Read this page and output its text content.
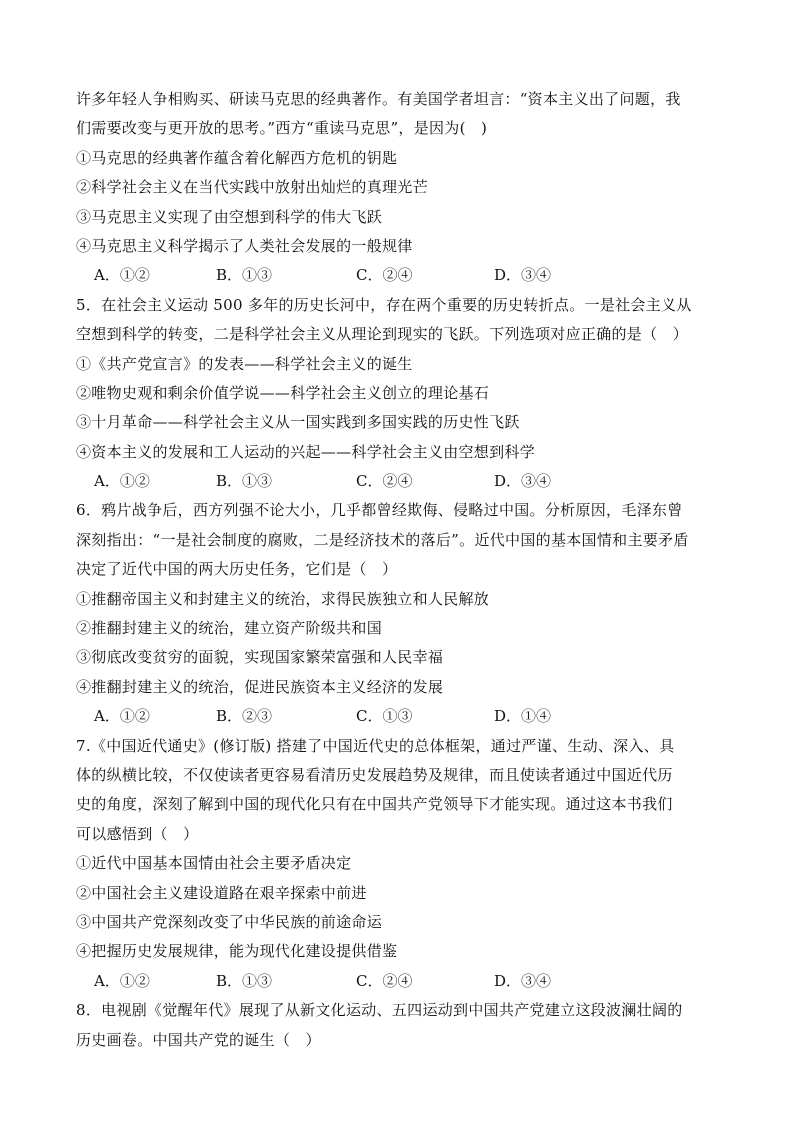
许多年轻人争相购买、研读马克思的经典著作。有美国学者坦言：“资本主义出了问题，我
们需要改变与更开放的思考。”西方“重读马克思”，是因为(　)
①马克思的经典著作蕴含着化解西方危机的钥匙
②科学社会主义在当代实践中放射出灿烂的真理光芒
③马克思主义实现了由空想到科学的伟大飞跃
④马克思主义科学揭示了人类社会发展的一般规律
A．①②	B．①③	C．②④	D．③④
5．在社会主义运动 500 多年的历史长河中，存在两个重要的历史转折点。一是社会主义从
空想到科学的转变，二是科学社会主义从理论到现实的飞跃。下列选项对应正确的是（　）
①《共产党宣言》的发表——科学社会主义的诞生
②唯物史观和剩余价值学说——科学社会主义创立的理论基石
③十月革命——科学社会主义从一国实践到多国实践的历史性飞跃
④资本主义的发展和工人运动的兴起——科学社会主义由空想到科学
A．①②	B．①③	C．②④	D．③④
6．鸦片战争后，西方列强不论大小，几乎都曾经欺侮、侵略过中国。分析原因，毛泽东曾
深刻指出：“一是社会制度的腐败，二是经济技术的落后”。近代中国的基本国情和主要矛盾
决定了近代中国的两大历史任务，它们是（　）
①推翻帝国主义和封建主义的统治，求得民族独立和人民解放
②推翻封建主义的统治，建立资产阶级共和国
③彻底改变贫穷的面貌，实现国家繁荣富强和人民幸福
④推翻封建主义的统治，促进民族资本主义经济的发展
A．①②	B．②③	C．①③	D．①④
7.《中国近代通史》(修订版) 搭建了中国近代史的总体框架，通过严谨、生动、深入、具
体的纵横比较，不仅使读者更容易看清历史发展趋势及规律，而且使读者通过中国近代历
史的角度，深刻了解到中国的现代化只有在中国共产党领导下才能实现。通过这本书我们
可以感悟到（　）
①近代中国基本国情由社会主要矛盾决定
②中国社会主义建设道路在艰辛探索中前进
③中国共产党深刻改变了中华民族的前途命运
④把握历史发展规律，能为现代化建设提供借鉴
A．①②	B．①③	C．②④	D．③④
8．电视剧《觉醒年代》展现了从新文化运动、五四运动到中国共产党建立这段波澜壮阔的
历史画卷。中国共产党的诞生（　）
